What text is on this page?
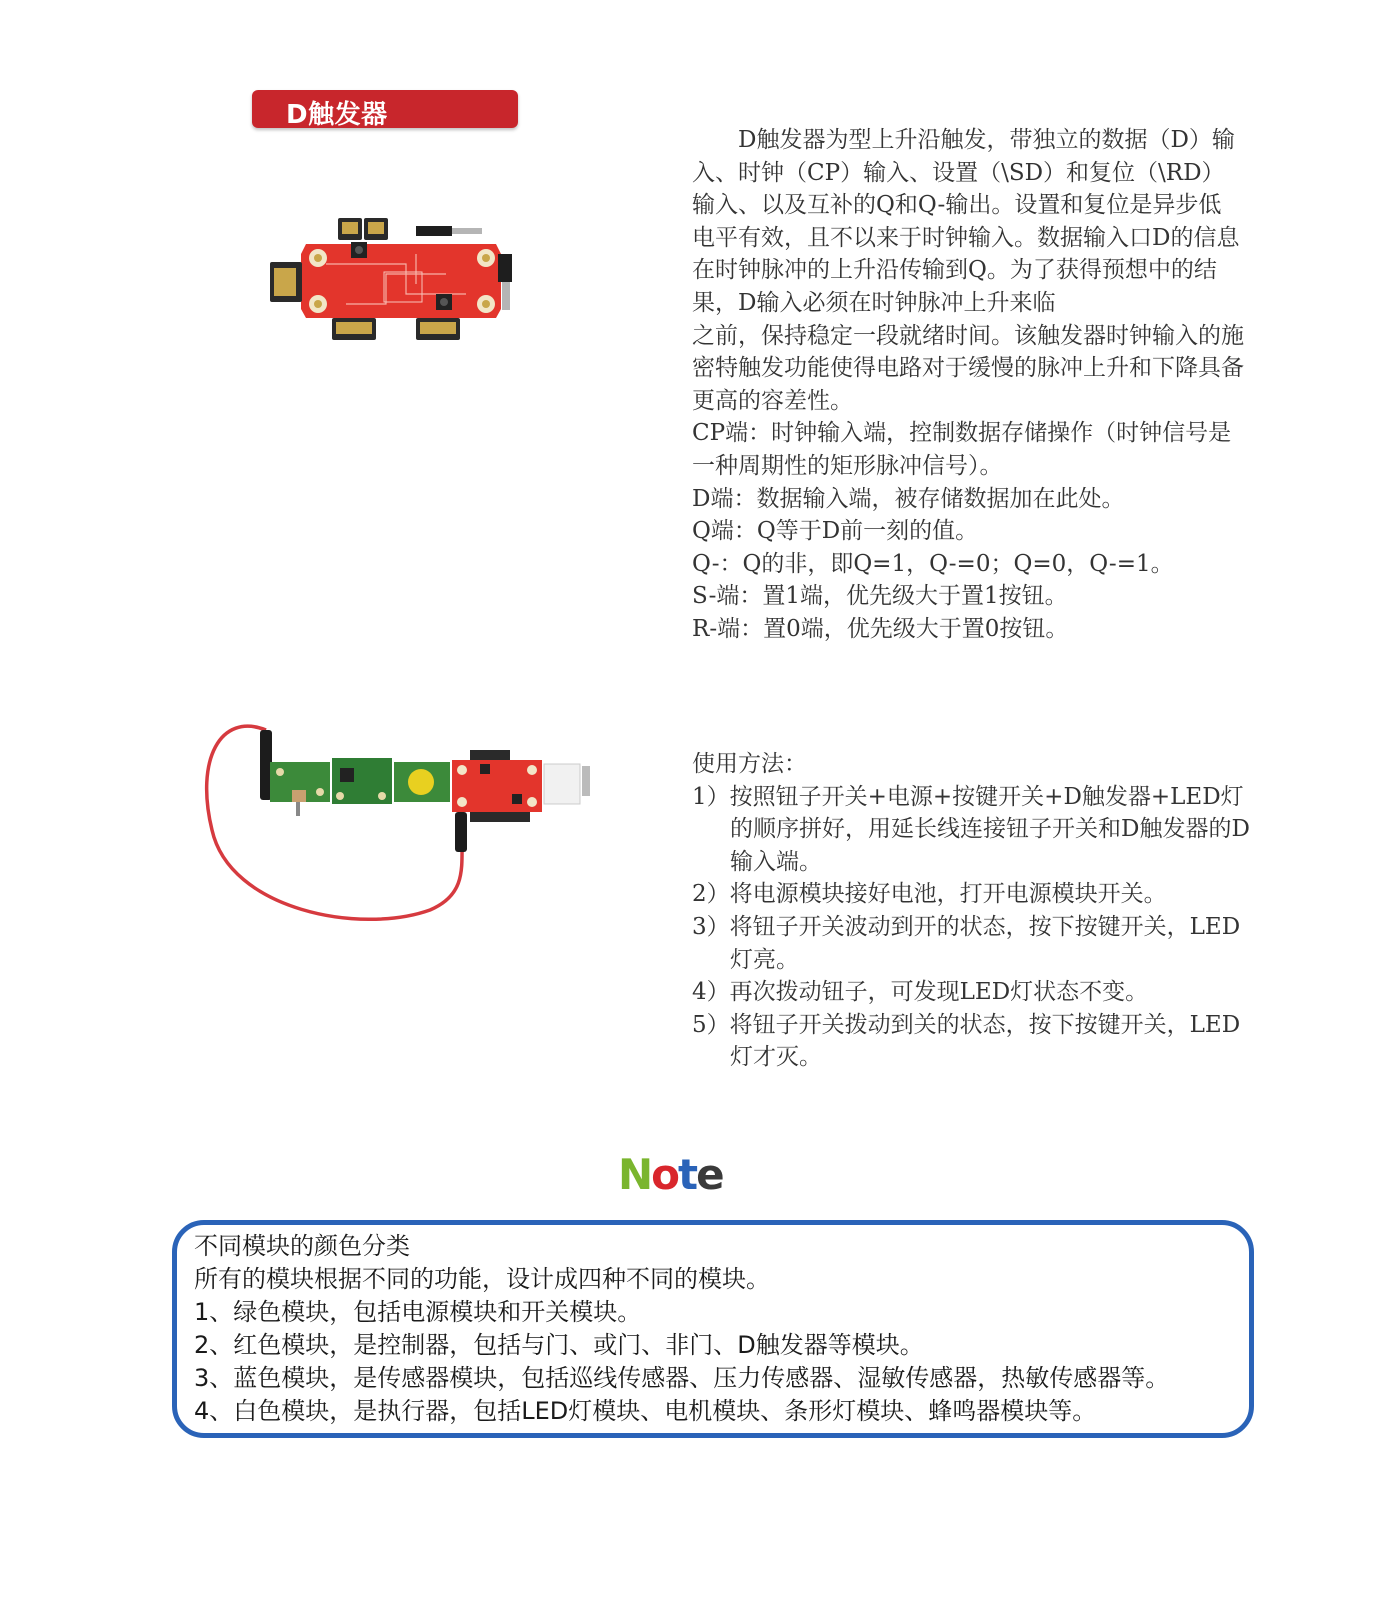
D触发器

D触发器为型上升沿触发，带独立的数据（D）输入、时钟（CP）输入、设置（\SD）和复位（\RD）输入、以及互补的Q和Q-输出。设置和复位是异步低电平有效，且不以来于时钟输入。数据输入口D的信息在时钟脉冲的上升沿传输到Q。为了获得预想中的结果，D输入必须在时钟脉冲上升来临

之前，保持稳定一段就绪时间。该触发器时钟输入的施密特触发功能使得电路对于缓慢的脉冲上升和下降具备更高的容差性。

CP端：时钟输入端，控制数据存储操作（时钟信号是一种周期性的矩形脉冲信号）。

D端：数据输入端，被存储数据加在此处。

Q端：Q等于D前一刻的值。

Q-：Q的非，即Q=1，Q-=0；Q=0，Q-=1。

S-端：置1端，优先级大于置1按钮。

R-端：置0端，优先级大于置0按钮。

使用方法：

1）按照钮子开关+电源+按键开关+D触发器+LED灯的顺序拼好，用延长线连接钮子开关和D触发器的D输入端。

2）将电源模块接好电池，打开电源模块开关。

3）将钮子开关波动到开的状态，按下按键开关，LED灯亮。

4）再次拨动钮子，可发现LED灯状态不变。

5）将钮子开关拨动到关的状态，按下按键开关，LED灯才灭。

Note

不同模块的颜色分类

所有的模块根据不同的功能，设计成四种不同的模块。

1、绿色模块，包括电源模块和开关模块。

2、红色模块，是控制器，包括与门、或门、非门、D触发器等模块。

3、蓝色模块，是传感器模块，包括巡线传感器、压力传感器、湿敏传感器，热敏传感器等。

4、白色模块，是执行器，包括LED灯模块、电机模块、条形灯模块、蜂鸣器模块等。
